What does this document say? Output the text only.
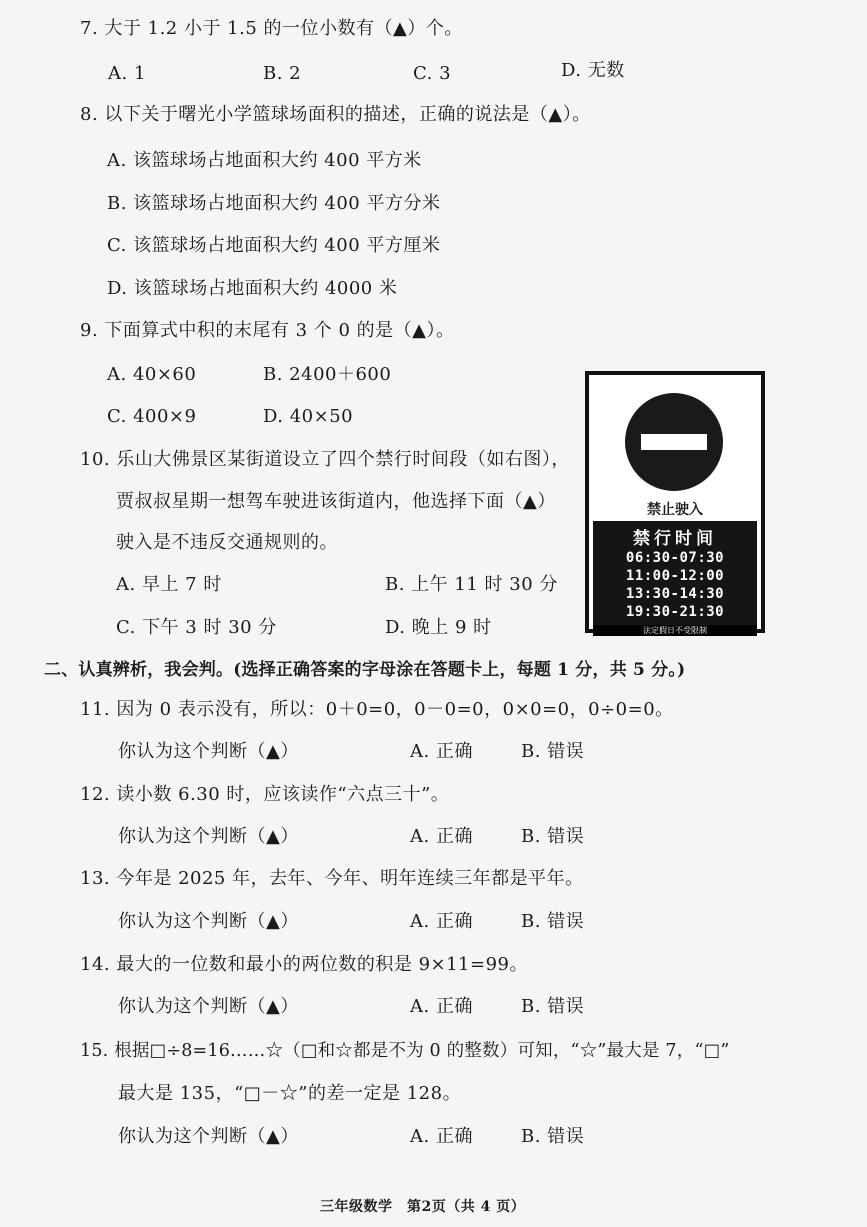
7. 大于 1.2 小于 1.5 的一位小数有（▲）个。
A. 1	B. 2	C. 3	D. 无数
8. 以下关于曙光小学篮球场面积的描述，正确的说法是（▲）。
A. 该篮球场占地面积大约 400 平方米
B. 该篮球场占地面积大约 400 平方分米
C. 该篮球场占地面积大约 400 平方厘米
D. 该篮球场占地面积大约 4000 米
9. 下面算式中积的末尾有 3 个 0 的是（▲）。
A. 40×60	B. 2400＋600
C. 400×9	D. 40×50
10. 乐山大佛景区某街道设立了四个禁行时间段（如右图），
贾叔叔星期一想驾车驶进该街道内，他选择下面（▲）
驶入是不违反交通规则的。
A. 早上 7 时	B. 上午 11 时 30 分
C. 下午 3 时 30 分	D. 晚上 9 时
禁止驶入
禁行时间
06:30-07:30
11:00-12:00
13:30-14:30
19:30-21:30
法定假日不受限制
二、认真辨析，我会判。(选择正确答案的字母涂在答题卡上，每题 1 分，共 5 分。)
11. 因为 0 表示没有，所以：0＋0=0，0－0=0，0×0=0，0÷0=0。
你认为这个判断（▲）	A. 正确	B. 错误
12. 读小数 6.30 时，应该读作“六点三十”。
你认为这个判断（▲）	A. 正确	B. 错误
13. 今年是 2025 年，去年、今年、明年连续三年都是平年。
你认为这个判断（▲）	A. 正确	B. 错误
14. 最大的一位数和最小的两位数的积是 9×11=99。
你认为这个判断（▲）	A. 正确	B. 错误
15. 根据□÷8=16……☆（□和☆都是不为 0 的整数）可知，“☆”最大是 7，“□”
最大是 135，“□－☆”的差一定是 128。
你认为这个判断（▲）	A. 正确	B. 错误
三年级数学　第2页（共 4 页）
